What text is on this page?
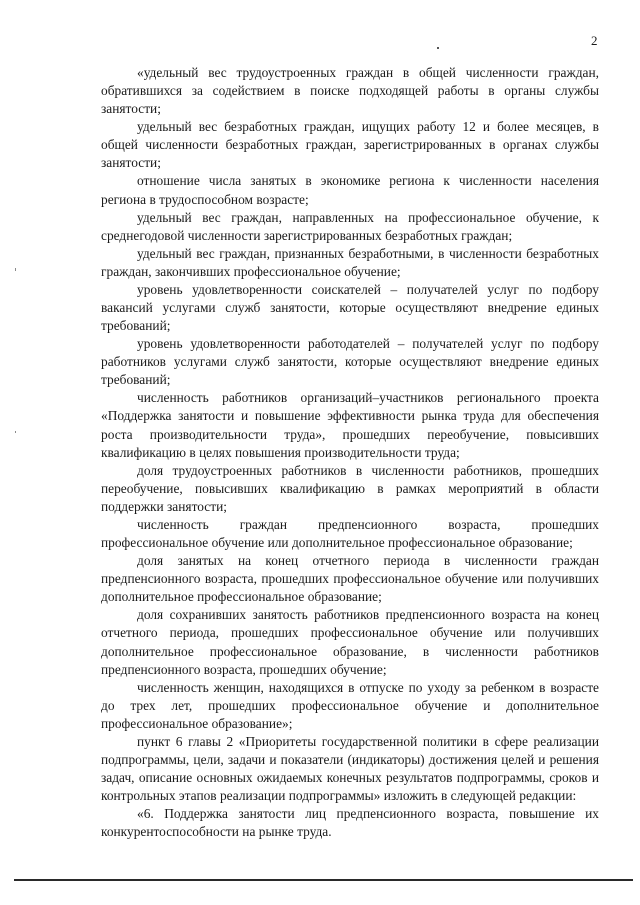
2

«удельный вес трудоустроенных граждан в общей численности граждан, обратившихся за содействием в поиске подходящей работы в органы службы занятости;

удельный вес безработных граждан, ищущих работу 12 и более месяцев, в общей численности безработных граждан, зарегистрированных в органах службы занятости;

отношение числа занятых в экономике региона к численности населения региона в трудоспособном возрасте;

удельный вес граждан, направленных на профессиональное обучение, к среднегодовой численности зарегистрированных безработных граждан;

удельный вес граждан, признанных безработными, в численности безработных граждан, закончивших профессиональное обучение;

уровень удовлетворенности соискателей – получателей услуг по подбору вакансий услугами служб занятости, которые осуществляют внедрение единых требований;

уровень удовлетворенности работодателей – получателей услуг по подбору работников услугами служб занятости, которые осуществляют внедрение единых требований;

численность работников организаций–участников регионального проекта «Поддержка занятости и повышение эффективности рынка труда для обеспечения роста производительности труда», прошедших переобучение, повысивших квалификацию в целях повышения производительности труда;

доля трудоустроенных работников в численности работников, прошедших переобучение, повысивших квалификацию в рамках мероприятий в области поддержки занятости;

численность граждан предпенсионного возраста, прошедших профессиональное обучение или дополнительное профессиональное образование;

доля занятых на конец отчетного периода в численности граждан предпенсионного возраста, прошедших профессиональное обучение или получивших дополнительное профессиональное образование;

доля сохранивших занятость работников предпенсионного возраста на конец отчетного периода, прошедших профессиональное обучение или получивших дополнительное профессиональное образование, в численности работников предпенсионного возраста, прошедших обучение;

численность женщин, находящихся в отпуске по уходу за ребенком в возрасте до трех лет, прошедших профессиональное обучение и дополнительное профессиональное образование»;

пункт 6 главы 2 «Приоритеты государственной политики в сфере реализации подпрограммы, цели, задачи и показатели (индикаторы) достижения целей и решения задач, описание основных ожидаемых конечных результатов подпрограммы, сроков и контрольных этапов реализации подпрограммы» изложить в следующей редакции:

«6. Поддержка занятости лиц предпенсионного возраста, повышение их конкурентоспособности на рынке труда.
